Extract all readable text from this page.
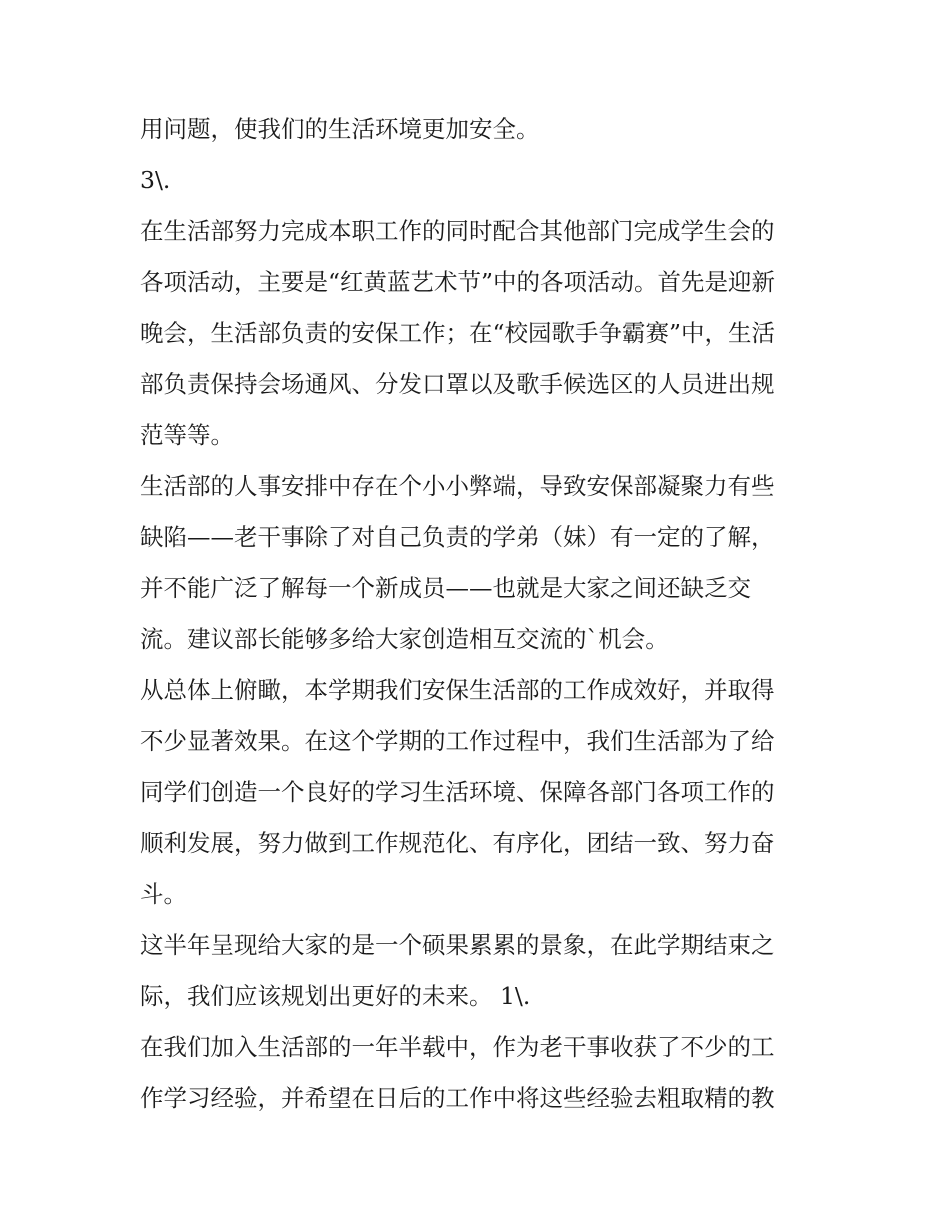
用问题，使我们的生活环境更加安全。
3\.
在生活部努力完成本职工作的同时配合其他部门完成学生会的
各项活动，主要是“红黄蓝艺术节”中的各项活动。首先是迎新
晚会，生活部负责的安保工作；在“校园歌手争霸赛”中，生活
部负责保持会场通风、分发口罩以及歌手候选区的人员进出规
范等等。
生活部的人事安排中存在个小小弊端，导致安保部凝聚力有些
缺陷——老干事除了对自己负责的学弟（妹）有一定的了解，
并不能广泛了解每一个新成员——也就是大家之间还缺乏交
流。建议部长能够多给大家创造相互交流的`机会。
从总体上俯瞰，本学期我们安保生活部的工作成效好，并取得
不少显著效果。在这个学期的工作过程中，我们生活部为了给
同学们创造一个良好的学习生活环境、保障各部门各项工作的
顺利发展，努力做到工作规范化、有序化，团结一致、努力奋
斗。
这半年呈现给大家的是一个硕果累累的景象，在此学期结束之
际，我们应该规划出更好的未来。 1\.
在我们加入生活部的一年半载中，作为老干事收获了不少的工
作学习经验，并希望在日后的工作中将这些经验去粗取精的教
